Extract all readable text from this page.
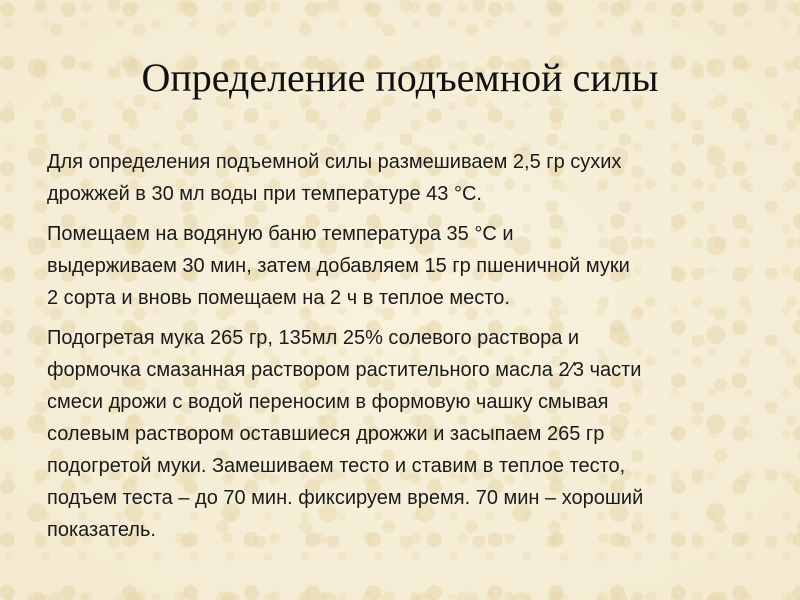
Определение подъемной силы

Для определения подъемной силы размешиваем 2,5 гр сухих
дрожжей в 30 мл воды при температуре 43 °С.

Помещаем на водяную баню температура 35 °С и
выдерживаем 30 мин, затем добавляем 15 гр пшеничной муки
2 сорта и вновь помещаем на 2 ч в теплое место.

Подогретая мука 265 гр, 135мл 25% солевого раствора и
формочка смазанная раствором растительного масла 2⁄3 части
смеси дрожи с водой переносим в формовую чашку смывая
солевым раствором оставшиеся дрожжи и засыпаем 265 гр
подогретой муки. Замешиваем тесто и ставим в теплое тесто,
подъем теста – до 70 мин. фиксируем время. 70 мин – хороший
показатель.
